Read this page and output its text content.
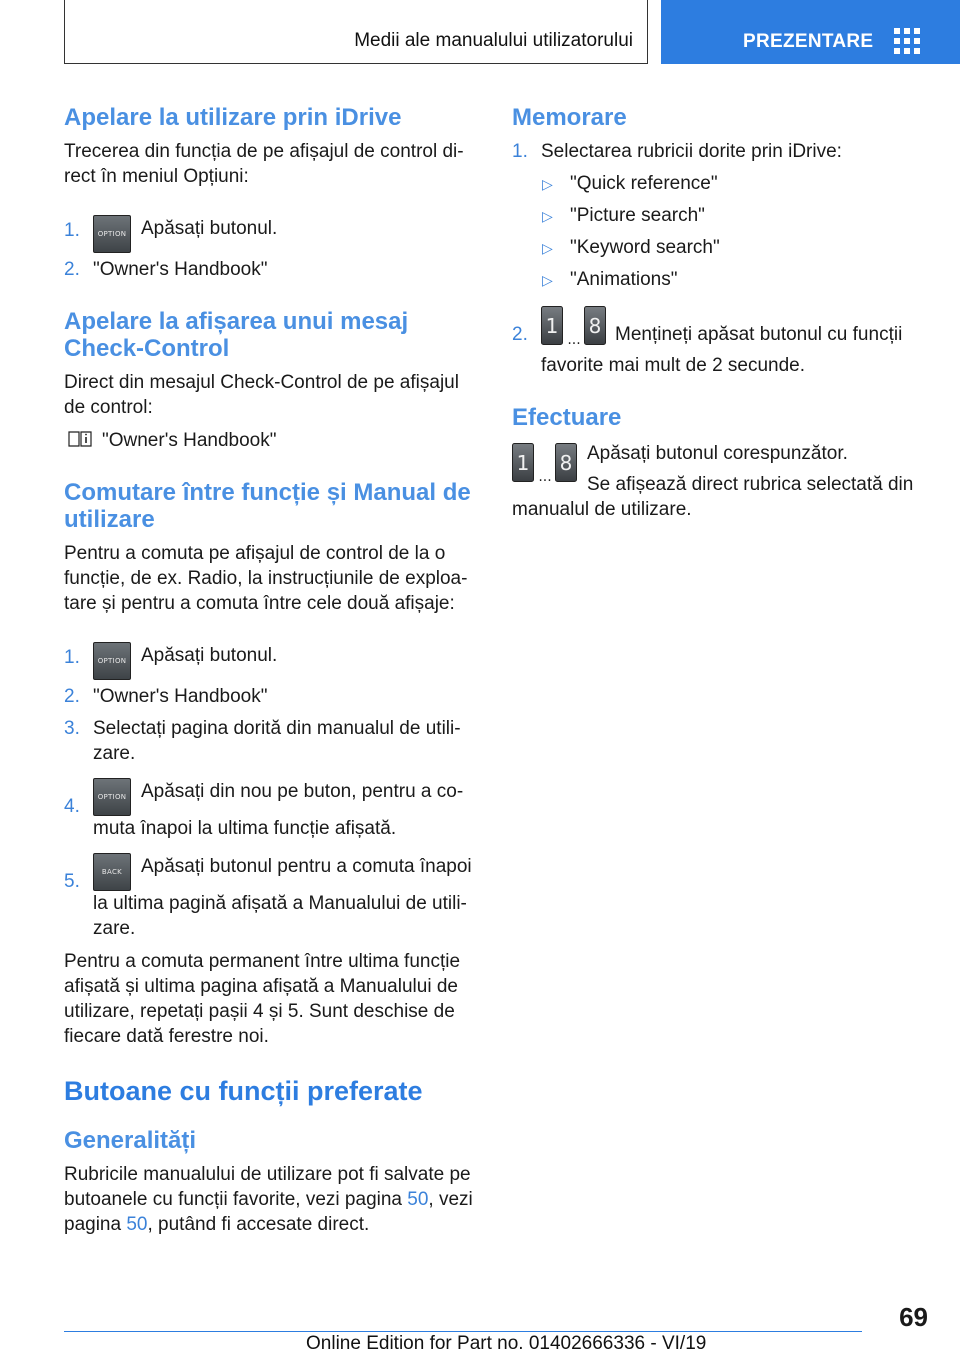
Medii ale manualului utilizatorului	PREZENTARE
Apelare la utilizare prin iDrive

Trecerea din funcția de pe afișajul de control di-
rect în meniul Opțiuni:

1.	OPTION Apăsați butonul.
2. "Owner's Handbook"
Apelare la afișarea unui mesaj
Check-Control

Direct din mesajul Check-Control de pe afișajul
de control:

"Owner's Handbook"

Comutare între funcție și Manual de
utilizare

Pentru a comuta pe afișajul de control de la o
funcție, de ex. Radio, la instrucțiunile de exploa-
tare și pentru a comuta între cele două afișaje:

1.	OPTION Apăsați butonul.
2. "Owner's Handbook"
3. Selectați pagina dorită din manualul de utili-
zare.
4.	OPTION Apăsați din nou pe buton, pentru a co-
muta înapoi la ultima funcție afișată.
5.	BACK Apăsați butonul pentru a comuta înapoi
la ultima pagină afișată a Manualului de utili-
zare.

Pentru a comuta permanent între ultima funcție
afișată și ultima pagina afișată a Manualului de
utilizare, repetați pașii 4 și 5. Sunt deschise de
fiecare dată ferestre noi.

Butoane cu funcții preferate
Generalități

Rubricile manualului de utilizare pot fi salvate pe
butoanele cu funcții favorite, vezi pagina 50, vezi
pagina 50, putând fi accesate direct.

Memorare
1. Selectarea rubricii dorite prin iDrive:
▷ "Quick reference"
▷ "Picture search"
▷ "Keyword search"
▷ "Animations"
2. 1 8
... Mențineți apăsat butonul cu funcții
favorite mai mult de 2 secunde.
Efectuare
1 8
...

Apăsați butonul corespunzător.

Se afișează direct rubrica selectată din

manualul de utilizare.

69
Online Edition for Part no. 01402666336 - VI/19
